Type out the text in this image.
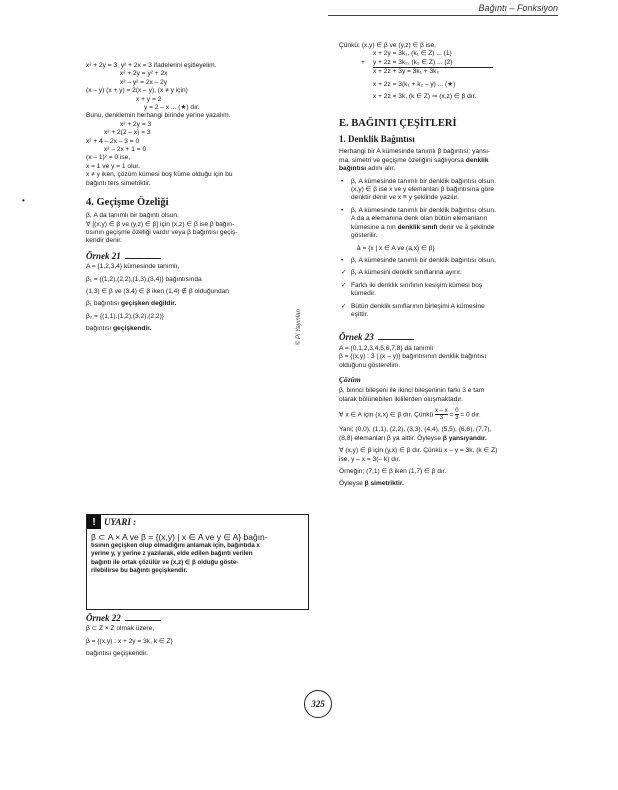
Bağıntı – Fonksiyon
•
x² + 2y = 3, y² + 2x = 3 ifadelerini eşitleyelim.
x² + 2y = y² + 2x
x² – y² = 2x – 2y
(x – y) (x + y) = 2(x – y), (x ≠ y için)
x + y = 2
y = 2 – x ... (★) dır.
Bunu, denklemin herhangi birinde yerine yazalım.
x² + 2y = 3
x² + 2(2 – x) = 3
x² + 4 – 2x – 3 = 0
x² – 2x + 1 = 0
(x – 1)² = 0 ise,
x = 1 ve y = 1 olur.
x ≠ y iken, çözüm kümesi boş küme olduğu için bu
bağıntı ters simetriktir.
4. Geçişme Özeliği
β, A da tanımlı bir bağıntı olsun.
∀ [(x,y) ∈ β ve (y,z) ∈ β] için (x,z) ∈ β ise β bağın-
tısının geçişme özeliği vardır veya β bağıntısı geçiş-
kendir denir.
Örnek 21
A = {1,2,3,4} kümesinde tanımlı,
β₁ = {(1,2),(2,2),(1,3),(3,4)} bağıntısında
(1,3) ∈ β ve (3,4) ∈ β iken (1,4) ∉ β olduğundan
β₁ bağıntısı geçişken değildir.
β₂ = {(1,1),(1,2),(3,2),(2,2)}
bağıntısı geçişkendir.
! UYARI :
β ⊂ A × A ve β = {(x,y) | x ∈ A ve y ∈ A} bağın-
tısının geçişken olup olmadığını anlamak için, bağıntıda x
yerine y, y yerine z yazılarak, elde edilen bağıntı verilen
bağıntı ile ortak çözülür ve (x,z) ∈ β olduğu göste-
rilebilirse bu bağıntı geçişkendir.
Örnek 22
β ⊂ Z × Z olmak üzere,
β = {(x,y) : x + 2y = 3k, k ∈ Z}
bağıntısı geçişkendir.
© Pi Yayınları
Çünkü; (x,y) ∈ β ve (y,z) ∈ β ise,
x + 2y = 3k₁, (k₁ ∈ Z) ... (1)
+ y + 2z = 3k₂, (k₂ ∈ Z) ... (2)
x + 2z + 3y = 3k₁ + 3k₂
x + 2z = 3(k₁ + k₂ – y) ... (★)
x + 2z = 3k, (k ∈ Z) ⇒ (x,z) ∈ β dır.
E. BAĞINTI ÇEŞİTLERİ
1. Denklik Bağıntısı
Herhangi bir A kümesinde tanımlı β bağıntısı; yansı-
ma, simetri ve geçişme özeliğini sağlıyorsa denklik
bağıntısı adını alır.
• β, A kümesinde tanımlı bir denklik bağıntısı olsun.
(x,y) ∈ β ise x ve y elemanları β bağıntısına göre
denktir denir ve x ≡ y şeklinde yazılır.
• β, A kümesinde tanımlı bir denklik bağıntısı olsun.
A da a elemanına denk olan bütün elemanların
kümesine a nın denklik sınıfı denir ve ā şeklinde
gösterilir.
ā = {x | x ∈ A ve (a,x) ∈ β}
• β, A kümesinde tanımlı bir denklik bağıntısı olsun,
✓ β, A kümesini denklik sınıflarına ayırır.
✓ Farklı iki denklik sınıfının kesişim kümesi boş
kümedir.
✓ Bütün denklik sınıflarının birleşimi A kümesine
eşittir.
Örnek 23
A = {0,1,2,3,4,5,6,7,8} da tanımlı
β = {(x,y) : 3 | (x – y)} bağıntısının denklik bağıntısı
olduğunu gösterelim.
Çözüm
β, birinci bileşeni ile ikinci bileşeninin farkı 3 e tam
olarak bölünebilen ikililerden oluşmaktadır.
∀ x ∈ A için (x,x) ∈ β dır. Çünkü $\frac{x - x}{3} = \frac{0}{3} = 0$ dır.
Yani; (0,0), (1,1), (2,2), (3,3), (4,4), (5,5), (6,6), (7,7),
(8,8) elemanları β ya aittir. Öyleyse β yansıyandır.
∀ (x,y) ∈ β için (y,x) ∈ β dır. Çünkü x – y = 3k, (k ∈ Z)
ise, y – x = 3(– k) dır.
Örneğin; (7,1) ∈ β iken (1,7) ∈ β dır.
Öyleyse β simetriktir.
325
